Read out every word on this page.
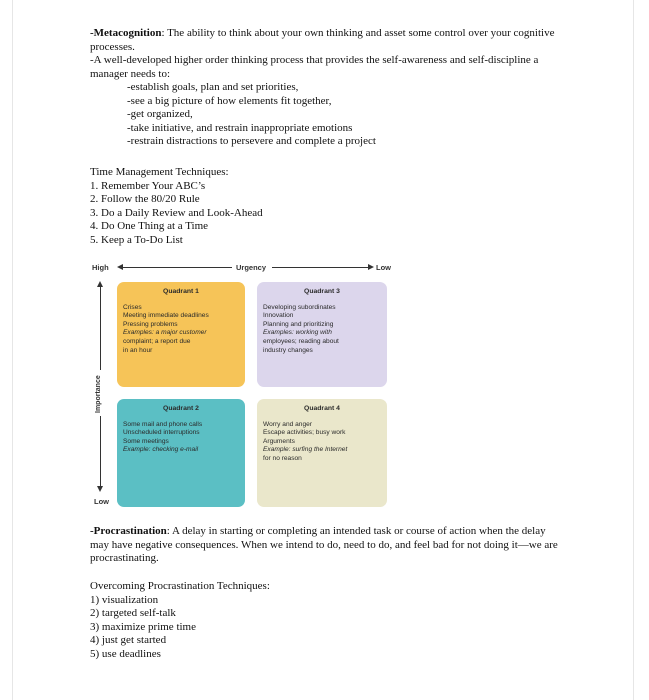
-Metacognition: The ability to think about your own thinking and asset some control over your cognitive processes.
-A well-developed higher order thinking process that provides the self-awareness and self-discipline a manager needs to:
-establish goals, plan and set priorities,
-see a big picture of how elements fit together,
-get organized,
-take initiative, and restrain inappropriate emotions
-restrain distractions to persevere and complete a project
Time Management Techniques:
1. Remember Your ABC’s
2. Follow the 80/20 Rule
3. Do a Daily Review and Look-Ahead
4. Do One Thing at a Time
5. Keep a To-Do List
High	Urgency	Low
Importance
Low
Quadrant 1
Crises
Meeting immediate deadlines
Pressing problems
Examples: a major customer
complaint; a report due
in an hour
Quadrant 3
Developing subordinates
Innovation
Planning and prioritizing
Examples: working with
employees; reading about
industry changes
Quadrant 2
Some mail and phone calls
Unscheduled interruptions
Some meetings
Example: checking e-mail
Quadrant 4
Worry and anger
Escape activities; busy work
Arguments
Example: surfing the Internet
for no reason
-Procrastination: A delay in starting or completing an intended task or course of action when the delay may have negative consequences. When we intend to do, need to do, and feel bad for not doing it—we are procrastinating.
Overcoming Procrastination Techniques:
1) visualization
2) targeted self-talk
3) maximize prime time
4) just get started
5) use deadlines
